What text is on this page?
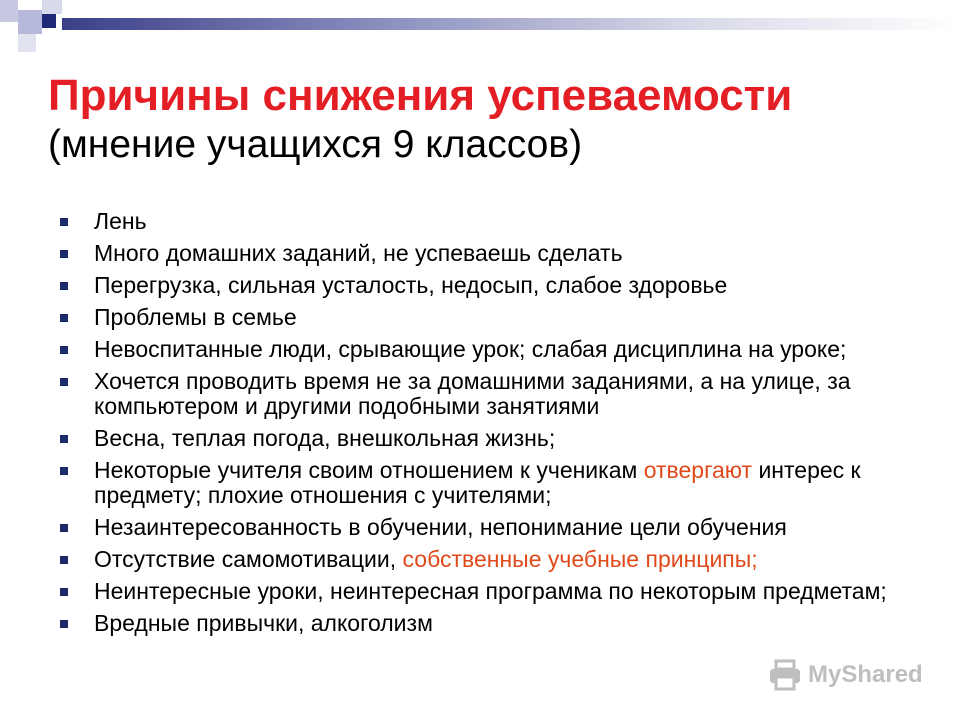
Причины снижения успеваемости

(мнение учащихся 9 классов)

Лень
Много домашних заданий, не успеваешь сделать
Перегрузка, сильная усталость, недосып, слабое здоровье
Проблемы в семье
Невоспитанные люди, срывающие урок; слабая дисциплина на уроке;
Хочется проводить время не за домашними заданиями, а на улице, за компьютером и другими подобными занятиями
Весна, теплая погода, внешкольная жизнь;
Некоторые учителя своим отношением к ученикам отвергают интерес к предмету; плохие отношения с учителями;
Незаинтересованность в обучении, непонимание цели обучения
Отсутствие самомотивации, собственные учебные принципы;
Неинтересные уроки, неинтересная программа по некоторым предметам;
Вредные привычки, алкоголизм
MyShared
